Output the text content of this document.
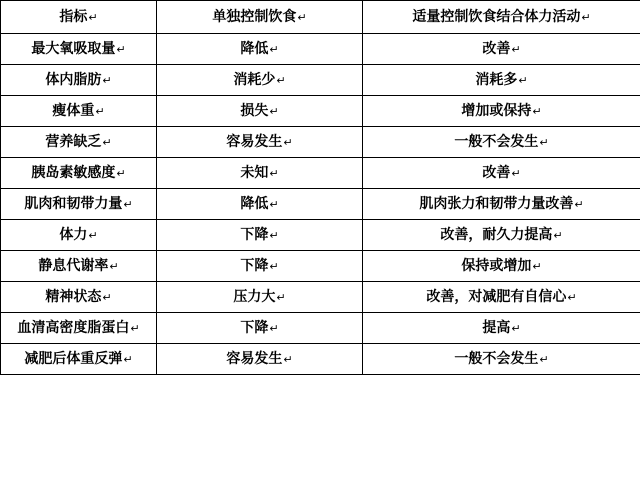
指标↵	单独控制饮食↵	适量控制饮食结合体力活动↵
最大氧吸取量↵	降低↵	改善↵
体内脂肪↵	消耗少↵	消耗多↵
瘦体重↵	损失↵	增加或保持↵
营养缺乏↵	容易发生↵	一般不会发生↵
胰岛素敏感度↵	未知↵	改善↵
肌肉和韧带力量↵	降低↵	肌肉张力和韧带力量改善↵
体力↵	下降↵	改善，耐久力提高↵
静息代谢率↵	下降↵	保持或增加↵
精神状态↵	压力大↵	改善，对减肥有自信心↵
血清高密度脂蛋白↵	下降↵	提高↵
减肥后体重反弹↵	容易发生↵	一般不会发生↵
